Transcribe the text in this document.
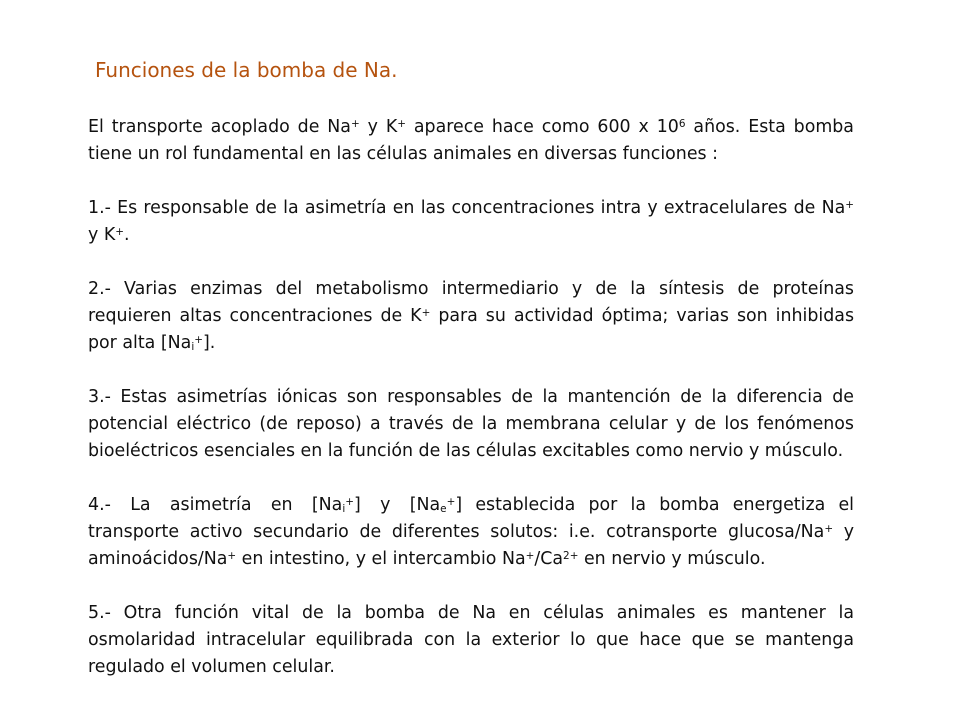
Funciones de la bomba de Na.

El transporte acoplado de Na+ y K+ aparece hace como 600 x $10^6$ años. Esta bomba tiene un rol fundamental en las células animales en diversas funciones :

1.- Es responsable de la asimetría en las concentraciones intra y extracelulares de Na+ y K+.

2.- Varias enzimas del metabolismo intermediario y de la síntesis de proteínas requieren altas concentraciones de K+ para su actividad óptima; varias son inhibidas por alta $[Na_i^+]$.

3.- Estas asimetrías iónicas son responsables de la mantención de la diferencia de potencial eléctrico (de reposo) a través de la membrana celular y de los fenómenos bioeléctricos esenciales en la función de las células excitables como nervio y músculo.

4.- La asimetría en $[Na_i^+]$ y $[Na_e^+]$ establecida por la bomba energetiza el transporte activo secundario de diferentes solutos: i.e. cotransporte glucosa/Na+ y aminoácidos/Na+ en intestino, y el intercambio $Na^+/Ca^{2+}$ en nervio y músculo.

5.- Otra función vital de la bomba de Na en células animales es mantener la osmolaridad intracelular equilibrada con la exterior lo que hace que se mantenga regulado el volumen celular.
